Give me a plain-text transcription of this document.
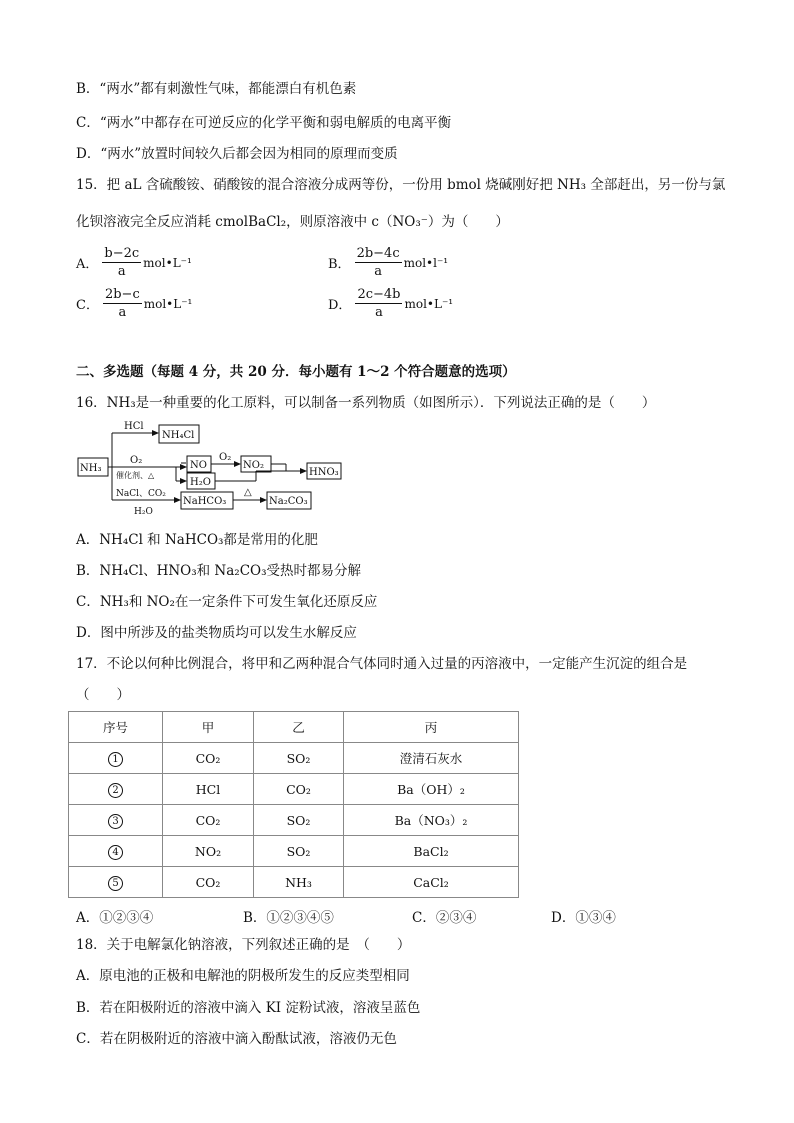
B．“两水”都有刺激性气味，都能漂白有机色素
C．“两水”中都存在可逆反应的化学平衡和弱电解质的电离平衡
D．“两水”放置时间较久后都会因为相同的原理而变质
15．把 aL 含硫酸铵、硝酸铵的混合溶液分成两等份，一份用 bmol 烧碱刚好把 NH₃ 全部赶出，另一份与氯
化钡溶液完全反应消耗 cmolBaCl₂，则原溶液中 c（NO₃⁻）为（　　）
A． $\frac{b-2c}{a}$ mol•L⁻¹	B． $\frac{2b-4c}{a}$ mol•l⁻¹
C． $\frac{2b-c}{a}$ mol•L⁻¹	D． $\frac{2c-4b}{a}$ mol•L⁻¹
二、多选题（每题 4 分，共 20 分．每小题有 1～2 个符合题意的选项）
16．NH₃是一种重要的化工原料，可以制备一系列物质（如图所示）．下列说法正确的是（　　）
NH₃
HCl
NH₄Cl
O₂
催化剂、△
NO
H₂O
O₂
NO₂
HNO₃
NaCl、CO₂
H₂O
NaHCO₃
△
Na₂CO₃
A．NH₄Cl 和 NaHCO₃都是常用的化肥
B．NH₄Cl、HNO₃和 Na₂CO₃受热时都易分解
C．NH₃和 NO₂在一定条件下可发生氧化还原反应
D．图中所涉及的盐类物质均可以发生水解反应
17．不论以何种比例混合，将甲和乙两种混合气体同时通入过量的丙溶液中，一定能产生沉淀的组合是
（　　）
序号	甲	乙	丙
1	CO₂	SO₂	澄清石灰水
2	HCl	CO₂	Ba（OH）₂
3	CO₂	SO₂	Ba（NO₃）₂
4	NO₂	SO₂	BaCl₂
5	CO₂	NH₃	CaCl₂
A．①②③④	B．①②③④⑤	C．②③④	D．①③④
18．关于电解氯化钠溶液，下列叙述正确的是　（　　）
A．原电池的正极和电解池的阴极所发生的反应类型相同
B．若在阳极附近的溶液中滴入 KI 淀粉试液，溶液呈蓝色
C．若在阴极附近的溶液中滴入酚酞试液，溶液仍无色
